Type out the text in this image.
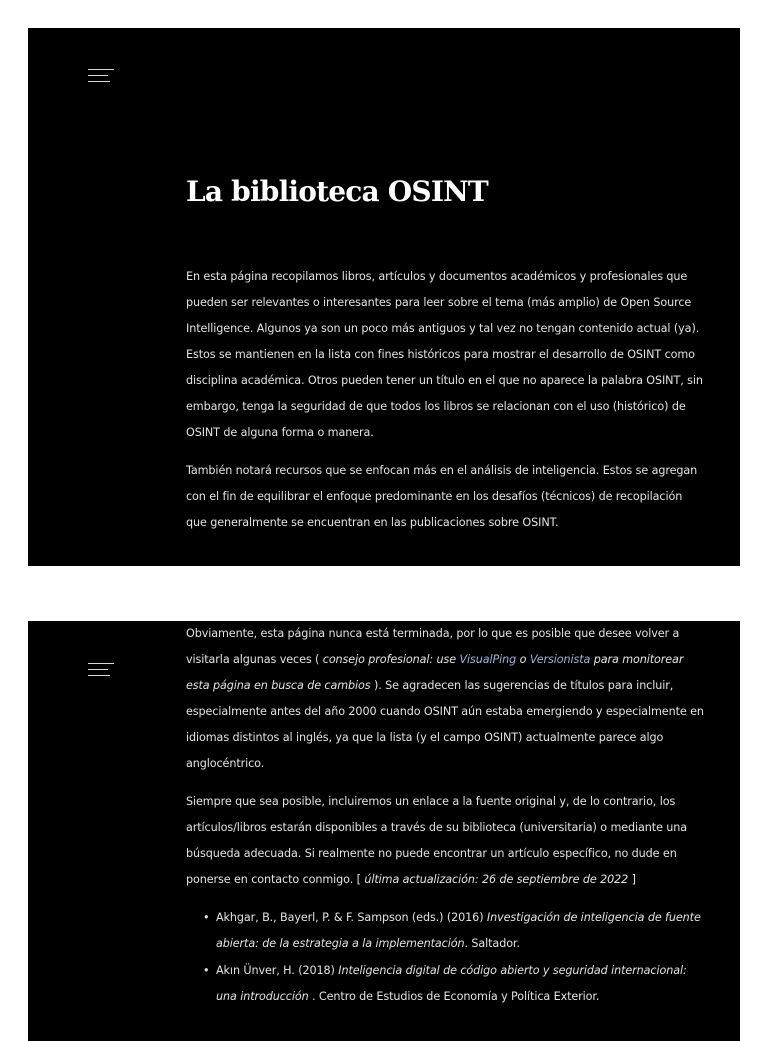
La biblioteca OSINT

En esta página recopilamos libros, artículos y documentos académicos y profesionales que pueden ser relevantes o interesantes para leer sobre el tema (más amplio) de Open Source Intelligence. Algunos ya son un poco más antiguos y tal vez no tengan contenido actual (ya). Estos se mantienen en la lista con fines históricos para mostrar el desarrollo de OSINT como disciplina académica. Otros pueden tener un título en el que no aparece la palabra OSINT, sin embargo, tenga la seguridad de que todos los libros se relacionan con el uso (histórico) de OSINT de alguna forma o manera.

También notará recursos que se enfocan más en el análisis de inteligencia. Estos se agregan con el fin de equilibrar el enfoque predominante en los desafíos (técnicos) de recopilación que generalmente se encuentran en las publicaciones sobre OSINT.

Obviamente, esta página nunca está terminada, por lo que es posible que desee volver a visitarla algunas veces ( consejo profesional: use VisualPing o Versionista para monitorear esta página en busca de cambios ). Se agradecen las sugerencias de títulos para incluir, especialmente antes del año 2000 cuando OSINT aún estaba emergiendo y especialmente en idiomas distintos al inglés, ya que la lista (y el campo OSINT) actualmente parece algo anglocéntrico.

Siempre que sea posible, incluiremos un enlace a la fuente original y, de lo contrario, los artículos/libros estarán disponibles a través de su biblioteca (universitaria) o mediante una búsqueda adecuada. Si realmente no puede encontrar un artículo específico, no dude en ponerse en contacto conmigo. [ última actualización: 26 de septiembre de 2022 ]

• Akhgar, B., Bayerl, P. & F. Sampson (eds.) (2016) Investigación de inteligencia de fuente abierta: de la estrategia a la implementación. Saltador.
• Akın Ünver, H. (2018) Inteligencia digital de código abierto y seguridad internacional: una introducción . Centro de Estudios de Economía y Política Exterior.
